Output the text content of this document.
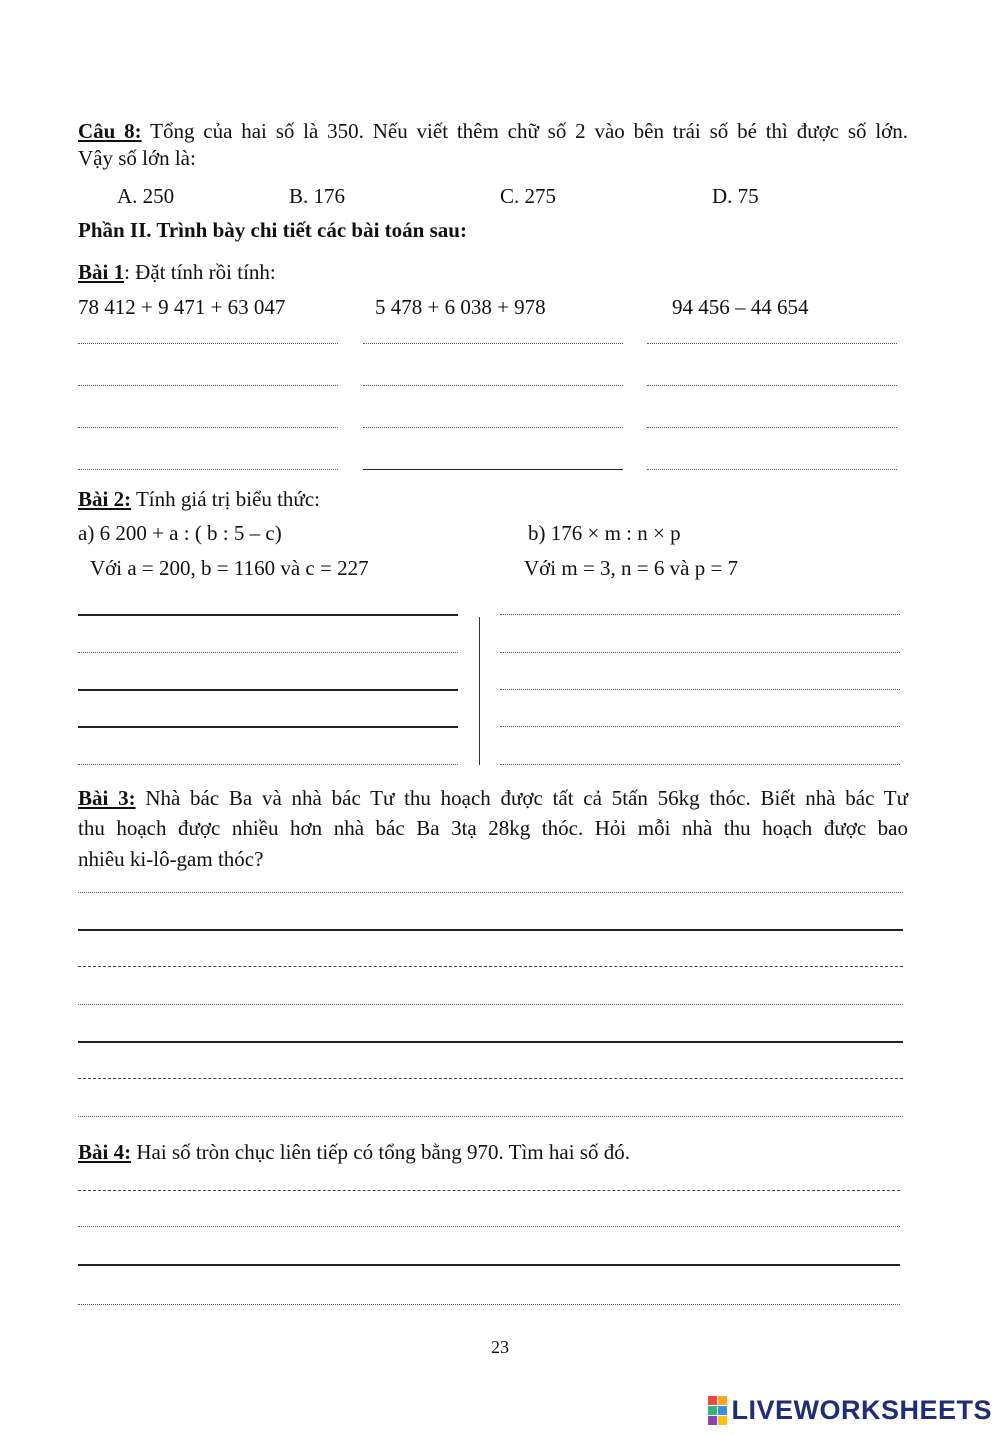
Câu 8: Tổng của hai số là 350. Nếu viết thêm chữ số 2 vào bên trái số bé thì được số lớn.
Vậy số lớn là:
A. 250	B. 176	C. 275	D. 75
Phần II. Trình bày chi tiết các bài toán sau:
Bài 1: Đặt tính rồi tính:
78 412 + 9 471 + 63 047	5 478 + 6 038 + 978	94 456 – 44 654
Bài 2: Tính giá trị biểu thức:
a) 6 200 + a : ( b : 5 – c)
Với a = 200, b = 1160 và c = 227
b) 176 × m : n × p
Với m = 3, n = 6 và p = 7
Bài 3: Nhà bác Ba và nhà bác Tư thu hoạch được tất cả 5tấn 56kg thóc. Biết nhà bác Tư
thu hoạch được nhiều hơn nhà bác Ba 3tạ 28kg thóc. Hỏi mỗi nhà thu hoạch được bao
nhiêu ki-lô-gam thóc?
Bài 4: Hai số tròn chục liên tiếp có tổng bằng 970. Tìm hai số đó.
23
LIVEWORKSHEETS
